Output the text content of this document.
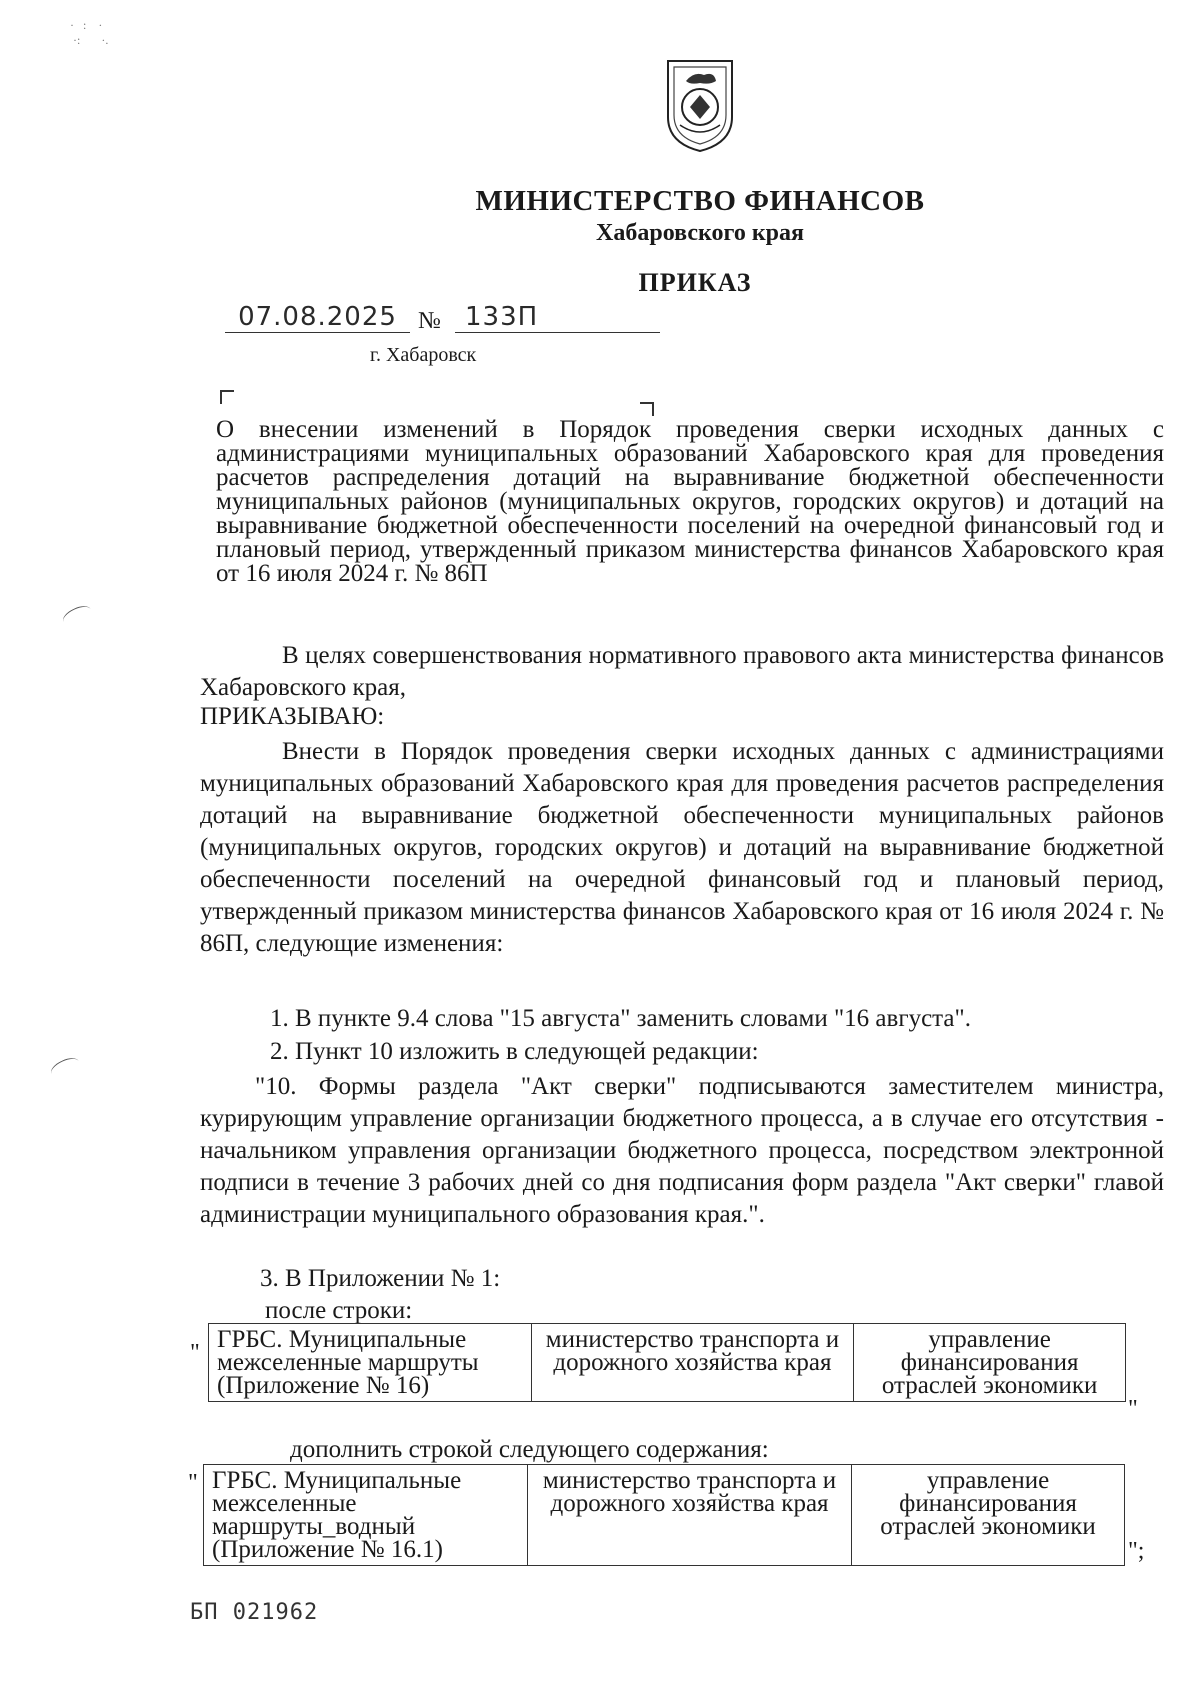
·   :    ·
·:       ·.
МИНИСТЕРСТВО ФИНАНСОВ
Хабаровского края
ПРИКАЗ
07.08.2025 № 133П
г. Хабаровск
О внесении изменений в Порядок проведения сверки исходных данных с администрациями муниципальных образований Хабаровского края для проведения расчетов распределения дотаций на выравнивание бюджетной обеспеченности муниципальных районов (муниципальных округов, городских округов) и дотаций на выравнивание бюджетной обеспеченности поселений на очередной финансовый год и плановый период, утвержденный приказом министерства финансов Хабаровского края от 16 июля 2024 г. № 86П
В целях совершенствования нормативного правового акта министерства финансов Хабаровского края,
ПРИКАЗЫВАЮ:
Внести в Порядок проведения сверки исходных данных с администрациями муниципальных образований Хабаровского края для проведения расчетов распределения дотаций на выравнивание бюджетной обеспеченности муниципальных районов (муниципальных округов, городских округов) и дотаций на выравнивание бюджетной обеспеченности поселений на очередной финансовый год и плановый период, утвержденный приказом министерства финансов Хабаровского края от 16 июля 2024 г. № 86П, следующие изменения:
1. В пункте 9.4 слова "15 августа" заменить словами "16 августа".
2. Пункт 10 изложить в следующей редакции:
"10. Формы раздела "Акт сверки" подписываются заместителем министра, курирующим управление организации бюджетного процесса, а в случае его отсутствия - начальником управления организации бюджетного процесса, посредством электронной подписи в течение 3 рабочих дней со дня подписания форм раздела "Акт сверки" главой администрации муниципального образования края.".
3. В Приложении № 1:
после строки:
" ГРБС. Муниципальные межселенные маршруты (Приложение № 16)	министерство транспорта и дорожного хозяйства края	управление финансирования отраслей экономики
"
дополнить строкой следующего содержания:
" ГРБС. Муниципальные межселенные маршруты_водный (Приложение № 16.1)	министерство транспорта и дорожного хозяйства края	управление финансирования отраслей экономики
";
БП 021962
